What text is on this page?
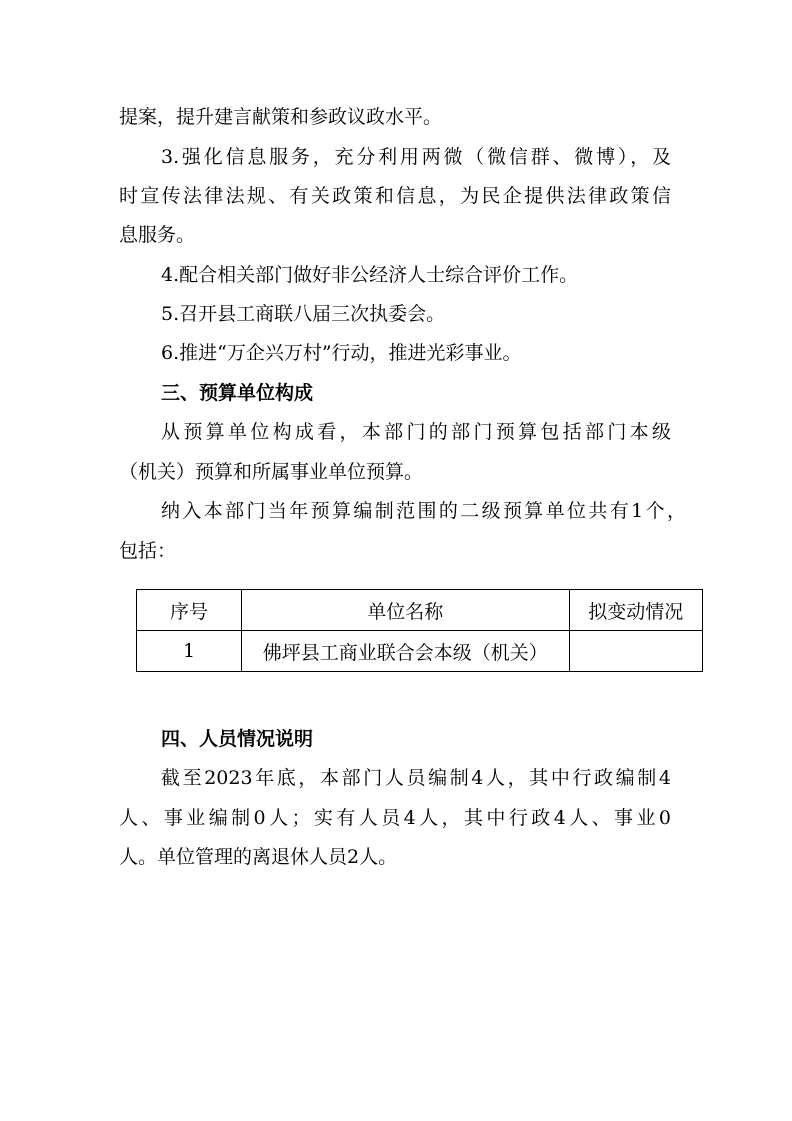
提案，提升建言献策和参政议政水平。
3.强化信息服务，充分利用两微（微信群、微博），及
时宣传法律法规、有关政策和信息，为民企提供法律政策信
息服务。
4.配合相关部门做好非公经济人士综合评价工作。
5.召开县工商联八届三次执委会。
6.推进“万企兴万村”行动，推进光彩事业。
三、预算单位构成
从预算单位构成看，本部门的部门预算包括部门本级
（机关）预算和所属事业单位预算。
纳入本部门当年预算编制范围的二级预算单位共有1个，
包括：
序号	单位名称	拟变动情况
1	佛坪县工商业联合会本级（机关）	
四、人员情况说明
截至2023年底，本部门人员编制4人，其中行政编制4
人、事业编制0人；实有人员4人，其中行政4人、事业0
人。单位管理的离退休人员2人。
